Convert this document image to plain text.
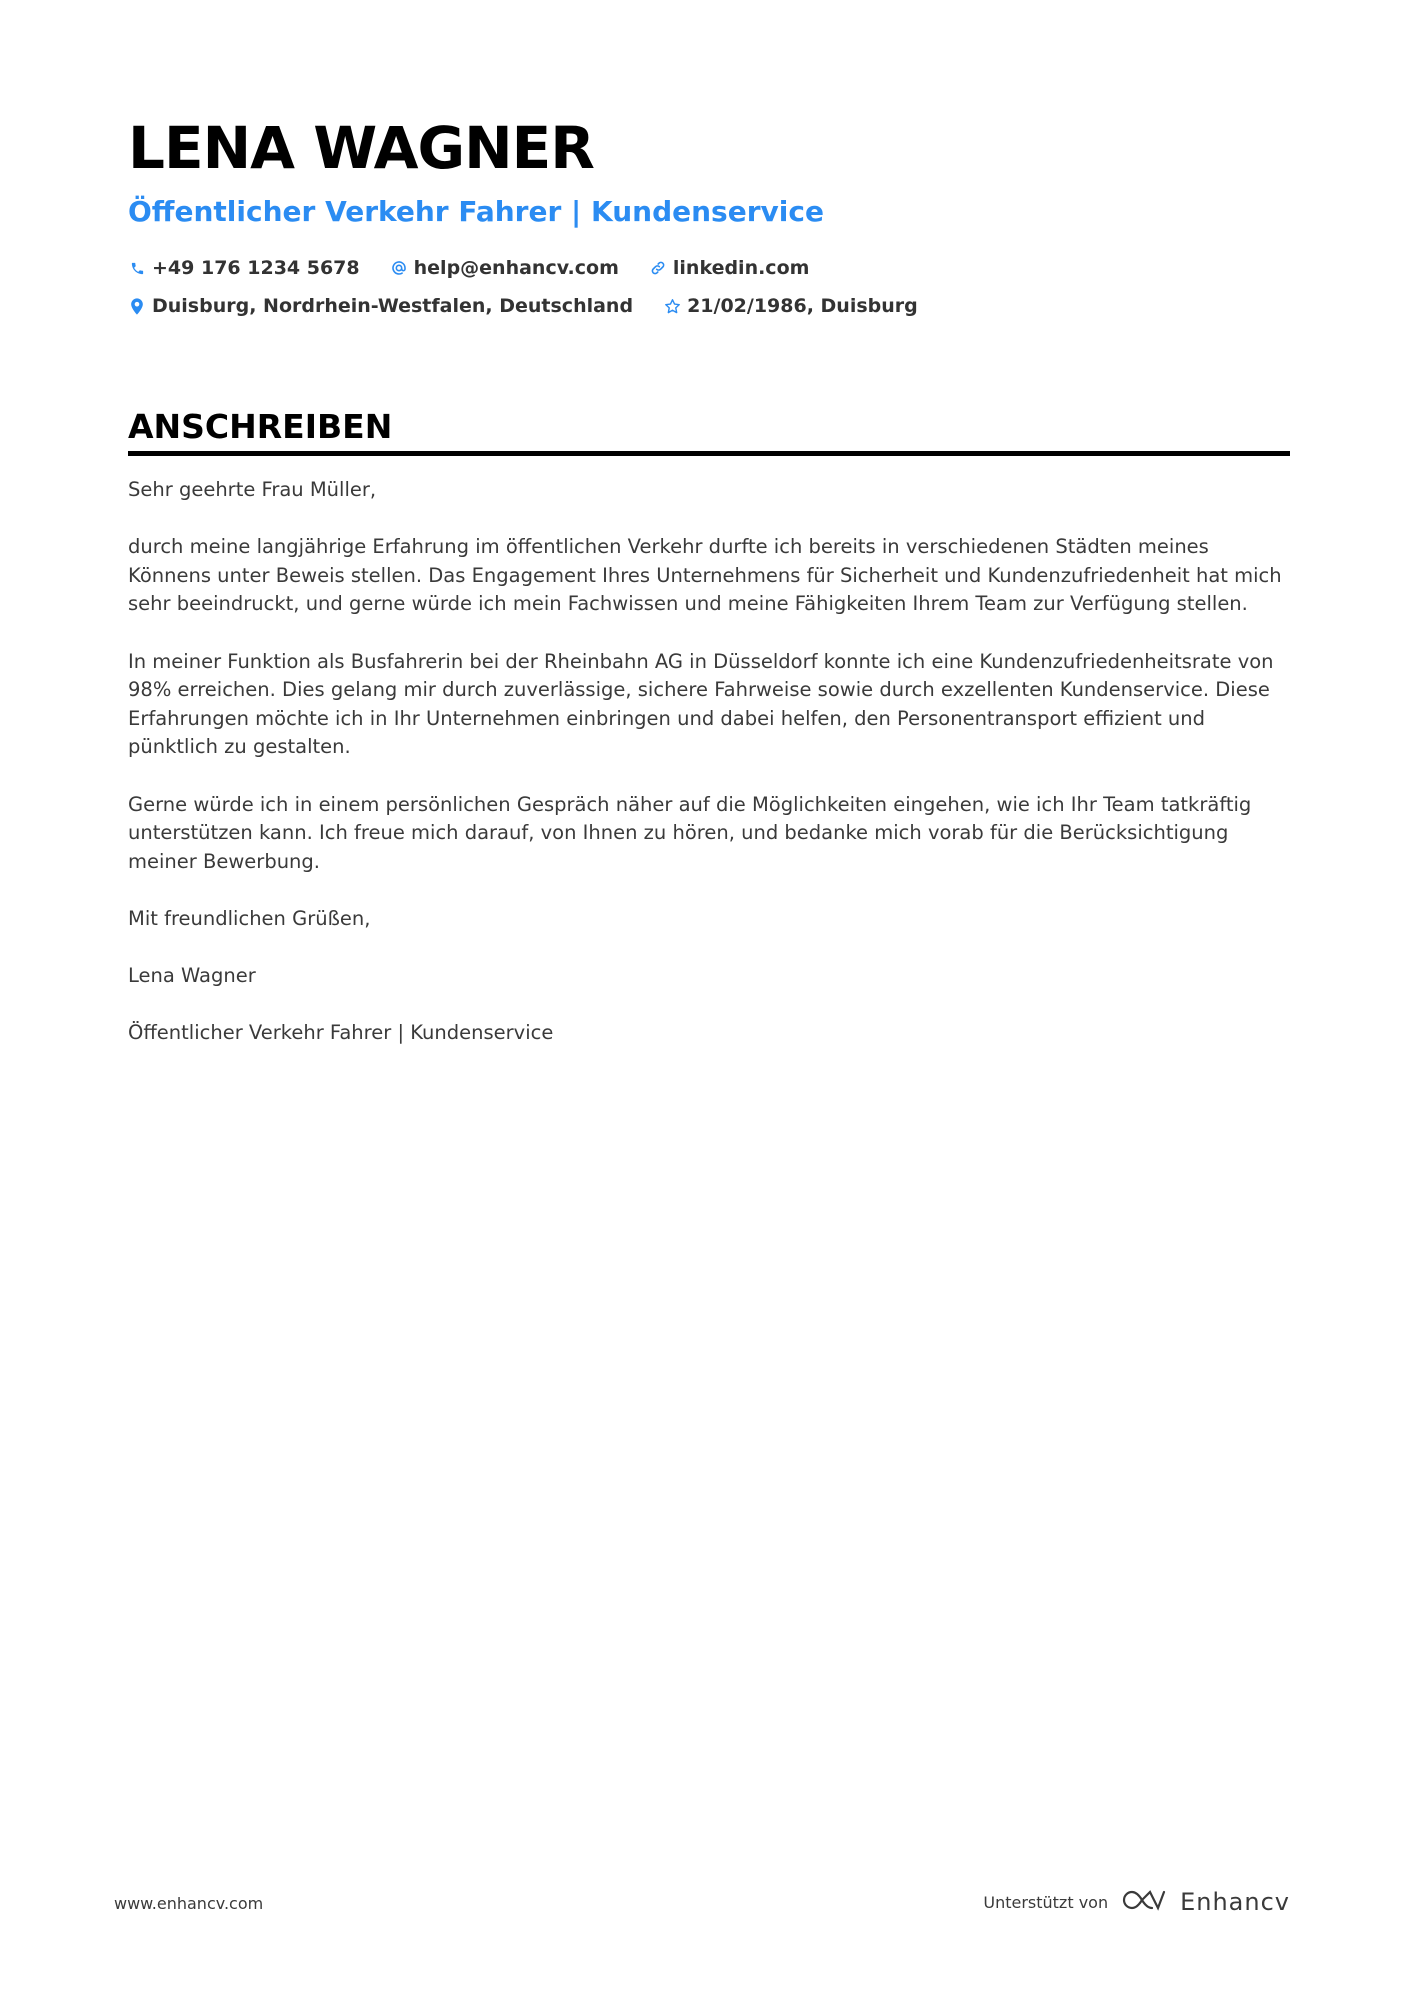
LENA WAGNER
Öffentlicher Verkehr Fahrer | Kundenservice
+49 176 1234 5678	help@enhancv.com	linkedin.com
Duisburg, Nordrhein-Westfalen, Deutschland	21/02/1986, Duisburg
ANSCHREIBEN

Sehr geehrte Frau Müller,

durch meine langjährige Erfahrung im öffentlichen Verkehr durfte ich bereits in verschiedenen Städten meines Könnens unter Beweis stellen. Das Engagement Ihres Unternehmens für Sicherheit und Kundenzufriedenheit hat mich sehr beeindruckt, und gerne würde ich mein Fachwissen und meine Fähigkeiten Ihrem Team zur Verfügung stellen.

In meiner Funktion als Busfahrerin bei der Rheinbahn AG in Düsseldorf konnte ich eine Kundenzufriedenheitsrate von 98% erreichen. Dies gelang mir durch zuverlässige, sichere Fahrweise sowie durch exzellenten Kundenservice. Diese Erfahrungen möchte ich in Ihr Unternehmen einbringen und dabei helfen, den Personentransport effizient und pünktlich zu gestalten.

Gerne würde ich in einem persönlichen Gespräch näher auf die Möglichkeiten eingehen, wie ich Ihr Team tatkräftig unterstützen kann. Ich freue mich darauf, von Ihnen zu hören, und bedanke mich vorab für die Berücksichtigung meiner Bewerbung.

Mit freundlichen Grüßen,

Lena Wagner

Öffentlicher Verkehr Fahrer | Kundenservice

www.enhancv.com	Unterstützt von	Enhancv
